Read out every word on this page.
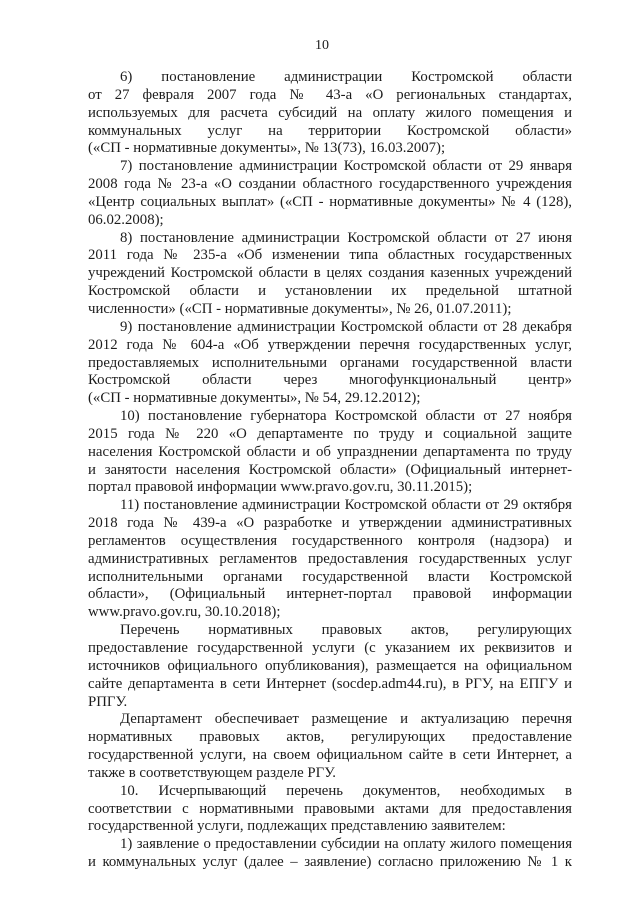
10
6) постановление администрации Костромской области
от 27 февраля 2007 года № 43-а «О региональных стандартах,
используемых для расчета субсидий на оплату жилого помещения и
коммунальных услуг на территории Костромской области»
(«СП - нормативные документы», № 13(73), 16.03.2007);
7) постановление администрации Костромской области от 29 января
2008 года № 23-а «О создании областного государственного учреждения
«Центр социальных выплат» («СП - нормативные документы» № 4 (128),
06.02.2008);
8) постановление администрации Костромской области от 27 июня
2011 года № 235-а «Об изменении типа областных государственных
учреждений Костромской области в целях создания казенных учреждений
Костромской области и установлении их предельной штатной
численности» («СП - нормативные документы», № 26, 01.07.2011);
9) постановление администрации Костромской области от 28 декабря
2012 года № 604-а «Об утверждении перечня государственных услуг,
предоставляемых исполнительными органами государственной власти
Костромской области через многофункциональный центр»
(«СП - нормативные документы», № 54, 29.12.2012);
10) постановление губернатора Костромской области от 27 ноября
2015 года № 220 «О департаменте по труду и социальной защите
населения Костромской области и об упразднении департамента по труду
и занятости населения Костромской области» (Официальный интернет-
портал правовой информации www.pravo.gov.ru, 30.11.2015);
11) постановление администрации Костромской области от 29 октября
2018 года № 439-а «О разработке и утверждении административных
регламентов осуществления государственного контроля (надзора) и
административных регламентов предоставления государственных услуг
исполнительными органами государственной власти Костромской
области», (Официальный интернет-портал правовой информации
www.pravo.gov.ru, 30.10.2018);
Перечень нормативных правовых актов, регулирующих
предоставление государственной услуги (с указанием их реквизитов и
источников официального опубликования), размещается на официальном
сайте департамента в сети Интернет (socdep.adm44.ru), в РГУ, на ЕПГУ и
РПГУ.
Департамент обеспечивает размещение и актуализацию перечня
нормативных правовых актов, регулирующих предоставление
государственной услуги, на своем официальном сайте в сети Интернет, а
также в соответствующем разделе РГУ.
10. Исчерпывающий перечень документов, необходимых в
соответствии с нормативными правовыми актами для предоставления
государственной услуги, подлежащих представлению заявителем:
1) заявление о предоставлении субсидии на оплату жилого помещения
и коммунальных услуг (далее – заявление) согласно приложению № 1 к
